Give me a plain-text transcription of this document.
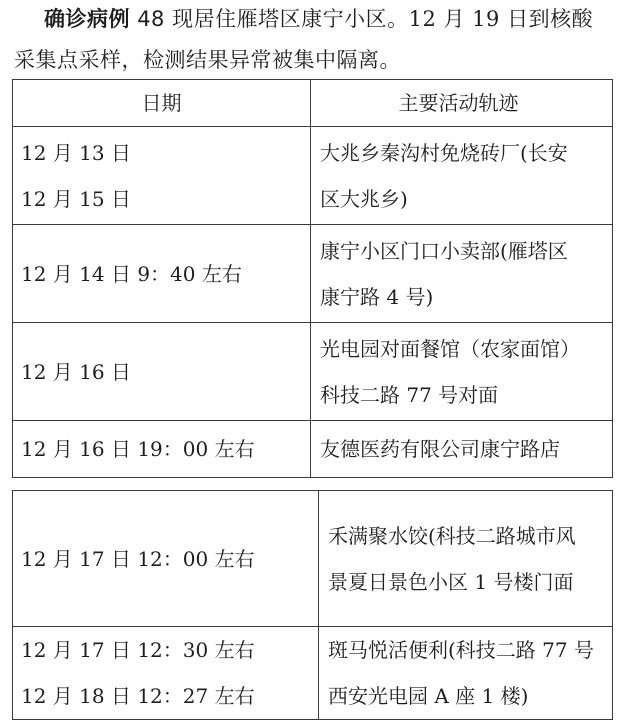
确诊病例 48 现居住雁塔区康宁小区。12 月 19 日到核酸
采集点采样，检测结果异常被集中隔离。
日期	主要活动轨迹

12 月 13 日
12 月 15 日	大兆乡秦沟村免烧砖厂(长安
区大兆乡)

12 月 14 日 9：40 左右	康宁小区门口小卖部(雁塔区
康宁路 4 号)

12 月 16 日	光电园对面餐馆（农家面馆）
科技二路 77 号对面

12 月 16 日 19：00 左右	友德医药有限公司康宁路店
12 月 17 日 12：00 左右	禾满聚水饺(科技二路城市风
景夏日景色小区 1 号楼门面

12 月 17 日 12：30 左右
12 月 18 日 12：27 左右	斑马悦活便利(科技二路 77 号
西安光电园 A 座 1 楼)
